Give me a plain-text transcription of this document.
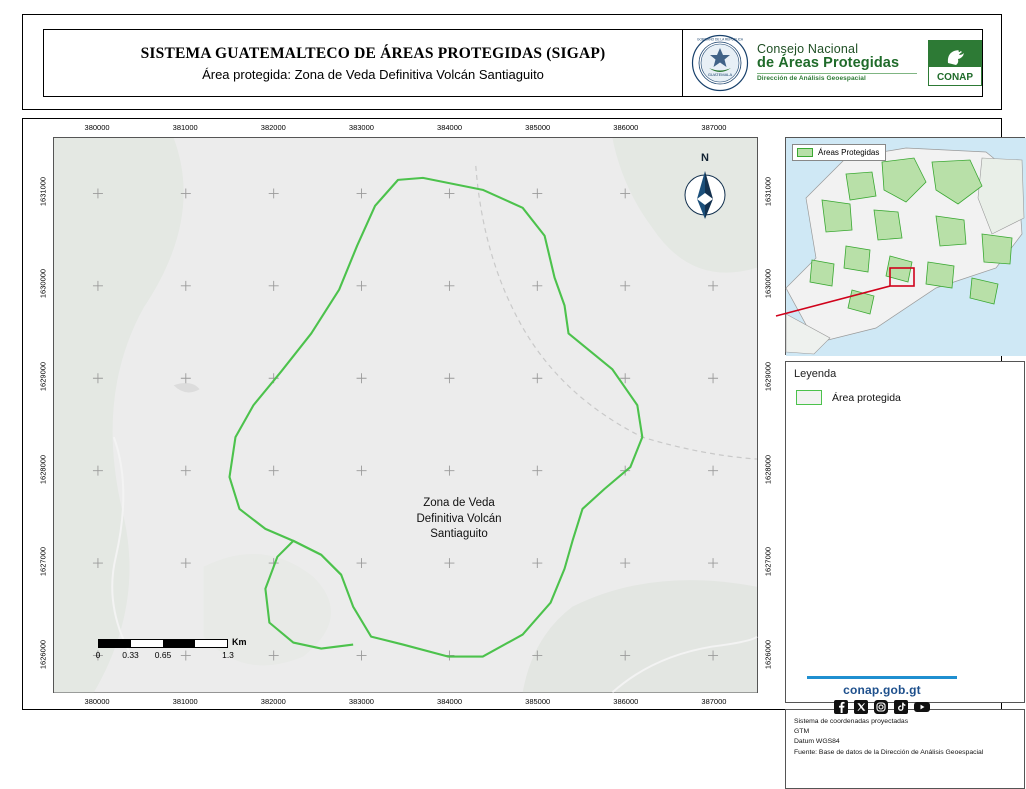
SISTEMA GUATEMALTECO DE ÁREAS PROTEGIDAS (SIGAP)
Área protegida: Zona de Veda Definitiva Volcán Santiaguito	GUATEMALA
GOBIERNO DE LA REPÚBLICA
Consejo Nacional
de Áreas Protegidas
Dirección de Análisis Geoespacial	CONAP
380000	381000	382000	383000	384000	385000	386000	387000
380000	381000	382000	383000	384000	385000	386000	387000
1631000
1630000
1629000
1628000
1627000
1626000
1631000
1630000
1629000
1628000
1627000
1626000
Zona de Veda
Definitiva Volcán
Santiaguito
N
0	0.33 0.65	1.3
Km
Áreas Protegidas
Leyenda
Área protegida
Sistema de coordenadas proyectadas
GTM
Datum WGS84
Fuente: Base de datos de la Dirección de Análisis Geoespacial
conap.gob.gt
